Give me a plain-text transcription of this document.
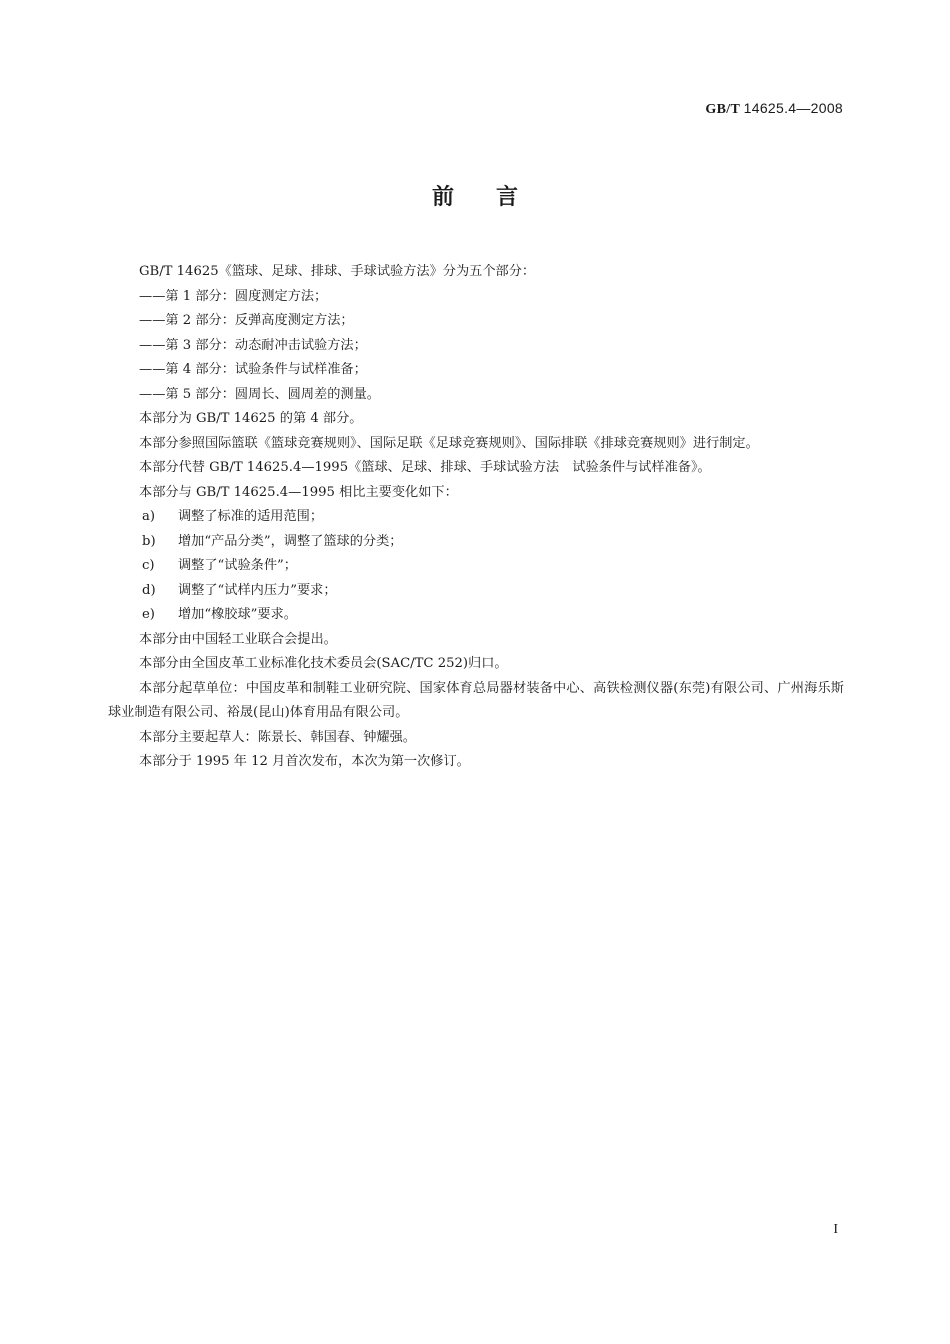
GB/T 14625.4—2008
前言

GB/T 14625《篮球、足球、排球、手球试验方法》分为五个部分：

——第 1 部分：圆度测定方法；

——第 2 部分：反弹高度测定方法；

——第 3 部分：动态耐冲击试验方法；

——第 4 部分：试验条件与试样准备；

——第 5 部分：圆周长、圆周差的测量。

本部分为 GB/T 14625 的第 4 部分。

本部分参照国际篮联《篮球竞赛规则》、国际足联《足球竞赛规则》、国际排联《排球竞赛规则》进行制定。

本部分代替 GB/T 14625.4—1995《篮球、足球、排球、手球试验方法　试验条件与试样准备》。

本部分与 GB/T 14625.4—1995 相比主要变化如下：

a) 调整了标准的适用范围；

b) 增加“产品分类”，调整了篮球的分类；

c) 调整了“试验条件”；

d) 调整了“试样内压力”要求；

e) 增加“橡胶球”要求。

本部分由中国轻工业联合会提出。

本部分由全国皮革工业标准化技术委员会(SAC/TC 252)归口。

本部分起草单位：中国皮革和制鞋工业研究院、国家体育总局器材装备中心、高铁检测仪器(东莞)有限公司、广州海乐斯球业制造有限公司、裕晟(昆山)体育用品有限公司。

本部分主要起草人：陈景长、韩国春、钟耀强。

本部分于 1995 年 12 月首次发布，本次为第一次修订。

I
